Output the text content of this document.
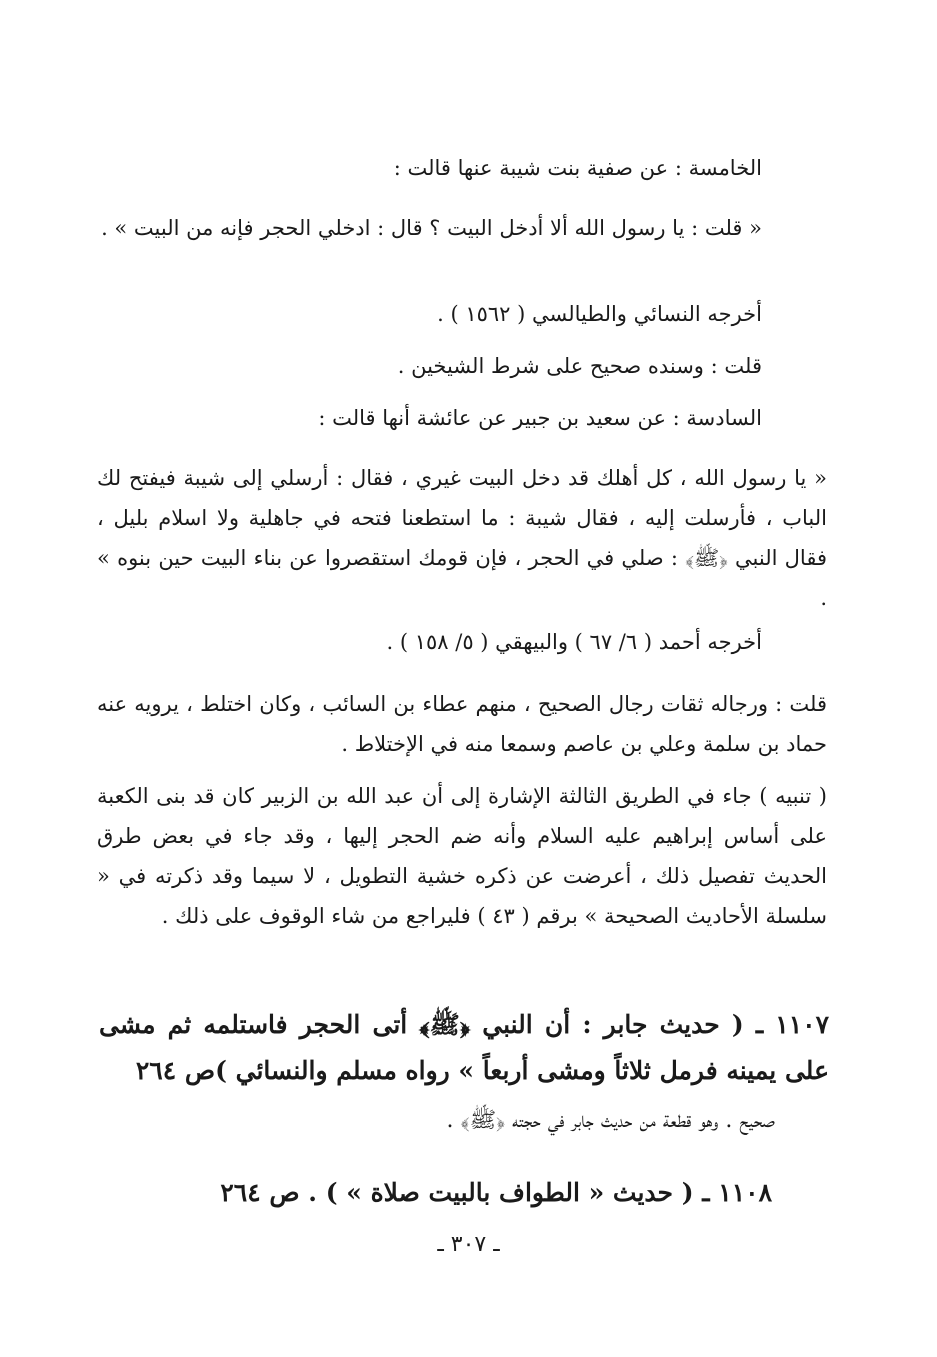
الخامسة : عن صفية بنت شيبة عنها قالت :
« قلت : يا رسول الله ألا أدخل البيت ؟ قال : ادخلي الحجر فإنه من البيت » .
أخرجه النسائي والطيالسي ( ١٥٦٢ ) .
قلت : وسنده صحيح على شرط الشيخين .
السادسة : عن سعيد بن جبير عن عائشة أنها قالت :
« يا رسول الله ، كل أهلك قد دخل البيت غيري ، فقال : أرسلي إلى شيبة فيفتح لك الباب ، فأرسلت إليه ، فقال شيبة : ما استطعنا فتحه في جاهلية ولا اسلام بليل ، فقال النبي ﴿ﷺ﴾ : صلي في الحجر ، فإن قومك استقصروا عن بناء البيت حين بنوه » .
أخرجه أحمد ( ٦/ ٦٧ ) والبيهقي ( ٥/ ١٥٨ ) .
قلت : ورجاله ثقات رجال الصحيح ، منهم عطاء بن السائب ، وكان اختلط ، يرويه عنه حماد بن سلمة وعلي بن عاصم وسمعا منه في الإختلاط .
( تنبيه ) جاء في الطريق الثالثة الإشارة إلى أن عبد الله بن الزبير كان قد بنى الكعبة على أساس إبراهيم عليه السلام وأنه ضم الحجر إليها ، وقد جاء في بعض طرق الحديث تفصيل ذلك ، أعرضت عن ذكره خشية التطويل ، لا سيما وقد ذكرته في « سلسلة الأحاديث الصحيحة » برقم ( ٤٣ ) فليراجع من شاء الوقوف على ذلك .
١١٠٧ ـ ( حديث جابر : أن النبي ﴿ﷺ﴾ أتى الحجر فاستلمه ثم مشى على يمينه فرمل ثلاثاً ومشى أربعاً » رواه مسلم والنسائي )ص ٢٦٤
صحيح . وهو قطعة من حديث جابر في حجته ﴿ﷺ﴾ .
١١٠٨ ـ ( حديث « الطواف بالبيت صلاة » ) . ص ٢٦٤
ـ ٣٠٧ ـ
